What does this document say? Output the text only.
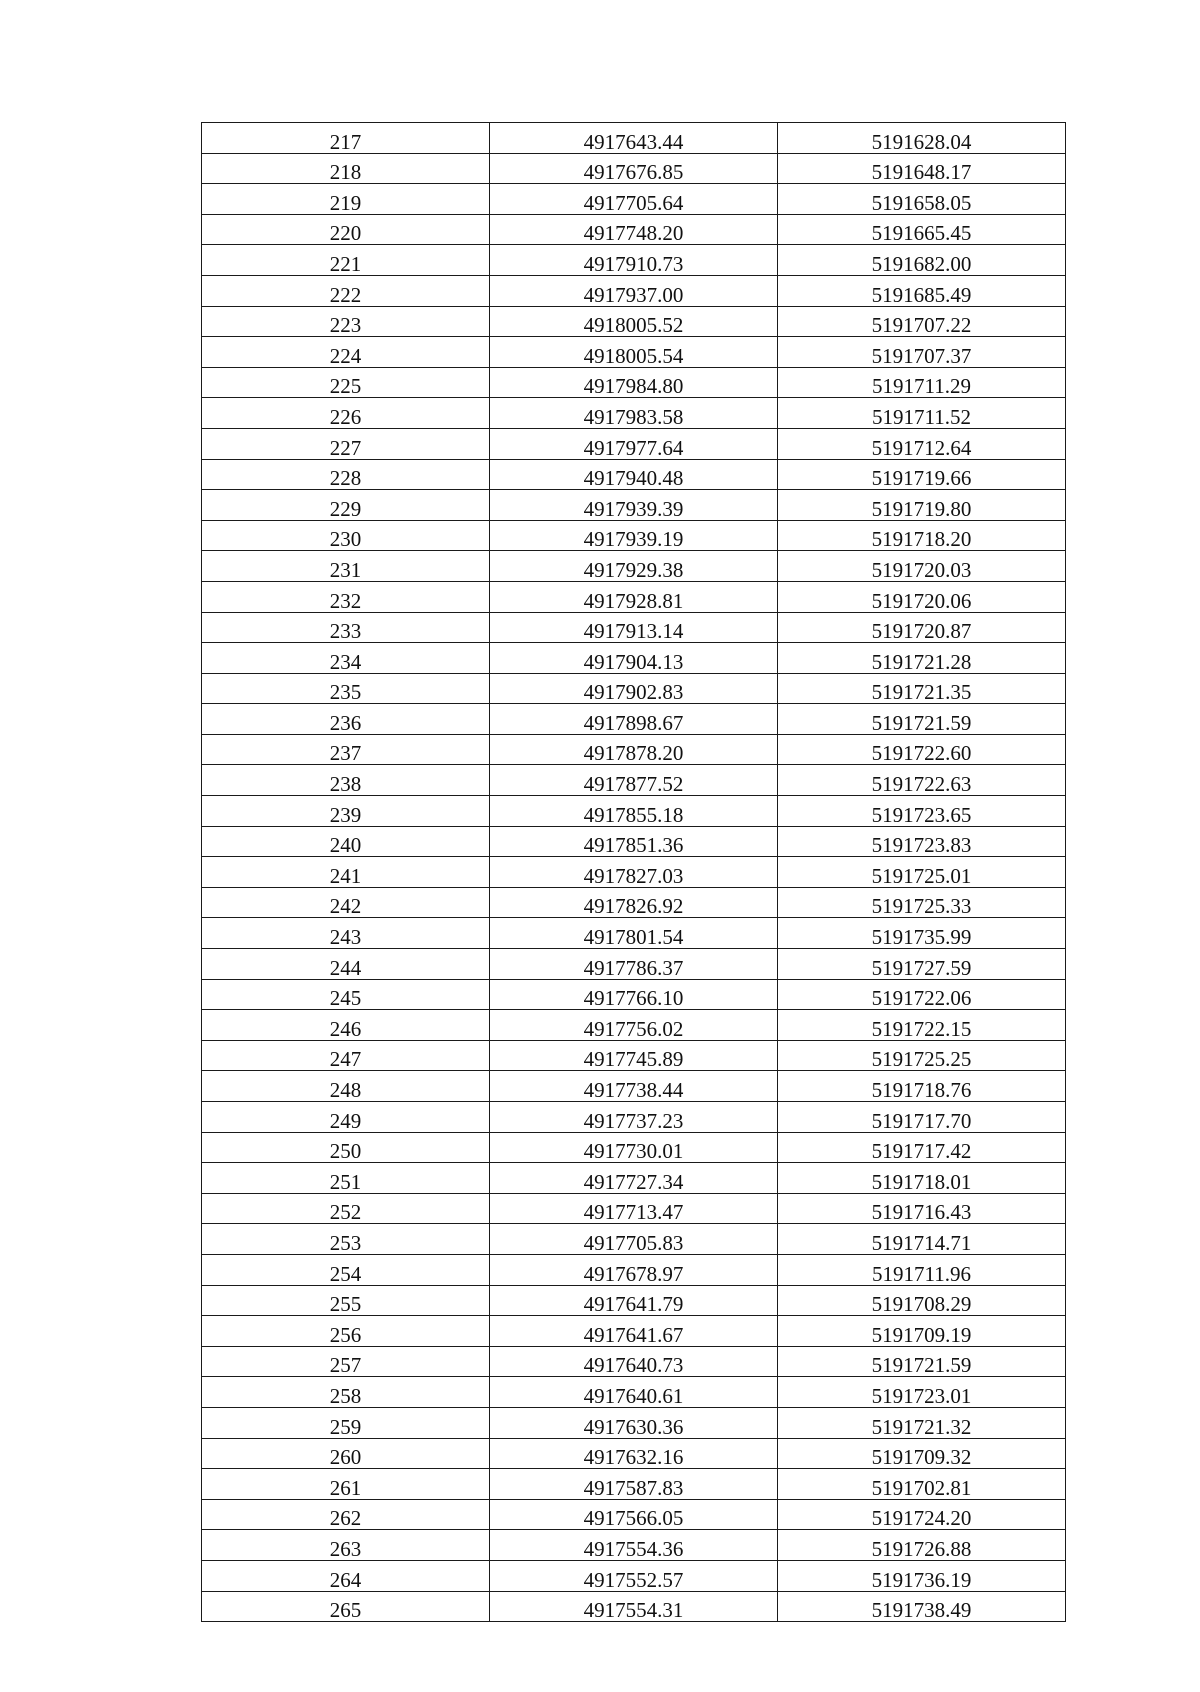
217	4917643.44	5191628.04
218	4917676.85	5191648.17
219	4917705.64	5191658.05
220	4917748.20	5191665.45
221	4917910.73	5191682.00
222	4917937.00	5191685.49
223	4918005.52	5191707.22
224	4918005.54	5191707.37
225	4917984.80	5191711.29
226	4917983.58	5191711.52
227	4917977.64	5191712.64
228	4917940.48	5191719.66
229	4917939.39	5191719.80
230	4917939.19	5191718.20
231	4917929.38	5191720.03
232	4917928.81	5191720.06
233	4917913.14	5191720.87
234	4917904.13	5191721.28
235	4917902.83	5191721.35
236	4917898.67	5191721.59
237	4917878.20	5191722.60
238	4917877.52	5191722.63
239	4917855.18	5191723.65
240	4917851.36	5191723.83
241	4917827.03	5191725.01
242	4917826.92	5191725.33
243	4917801.54	5191735.99
244	4917786.37	5191727.59
245	4917766.10	5191722.06
246	4917756.02	5191722.15
247	4917745.89	5191725.25
248	4917738.44	5191718.76
249	4917737.23	5191717.70
250	4917730.01	5191717.42
251	4917727.34	5191718.01
252	4917713.47	5191716.43
253	4917705.83	5191714.71
254	4917678.97	5191711.96
255	4917641.79	5191708.29
256	4917641.67	5191709.19
257	4917640.73	5191721.59
258	4917640.61	5191723.01
259	4917630.36	5191721.32
260	4917632.16	5191709.32
261	4917587.83	5191702.81
262	4917566.05	5191724.20
263	4917554.36	5191726.88
264	4917552.57	5191736.19
265	4917554.31	5191738.49
